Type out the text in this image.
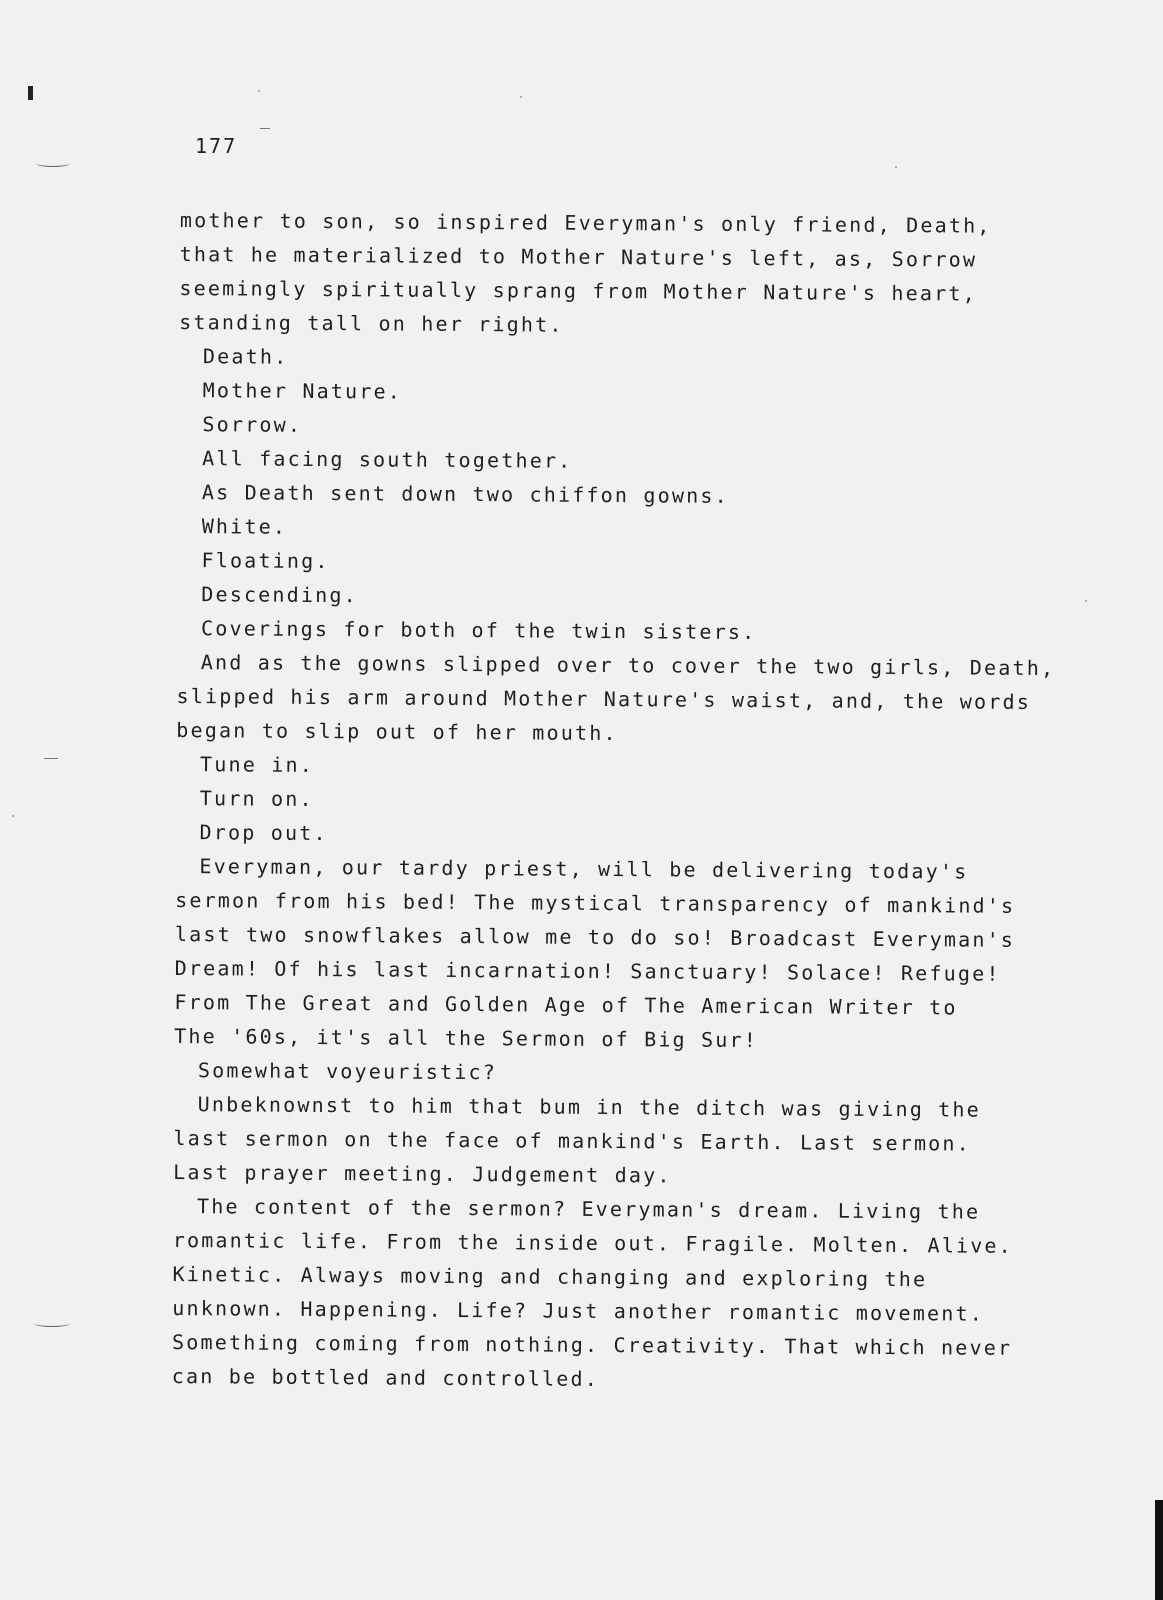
177
mother to son, so inspired Everyman's only friend, Death,
that he materialized to Mother Nature's left, as, Sorrow
seemingly spiritually sprang from Mother Nature's heart,
standing tall on her right.
Death.
Mother Nature.
Sorrow.
All facing south together.
As Death sent down two chiffon gowns.
White.
Floating.
Descending.
Coverings for both of the twin sisters.
And as the gowns slipped over to cover the two girls, Death,
slipped his arm around Mother Nature's waist, and, the words
began to slip out of her mouth.
Tune in.
Turn on.
Drop out.
Everyman, our tardy priest, will be delivering today's
sermon from his bed! The mystical transparency of mankind's
last two snowflakes allow me to do so! Broadcast Everyman's
Dream! Of his last incarnation! Sanctuary! Solace! Refuge!
From The Great and Golden Age of The American Writer to
The '60s, it's all the Sermon of Big Sur!
Somewhat voyeuristic?
Unbeknownst to him that bum in the ditch was giving the
last sermon on the face of mankind's Earth. Last sermon.
Last prayer meeting. Judgement day.
The content of the sermon? Everyman's dream. Living the
romantic life. From the inside out. Fragile. Molten. Alive.
Kinetic. Always moving and changing and exploring the
unknown. Happening. Life? Just another romantic movement.
Something coming from nothing. Creativity. That which never
can be bottled and controlled.
